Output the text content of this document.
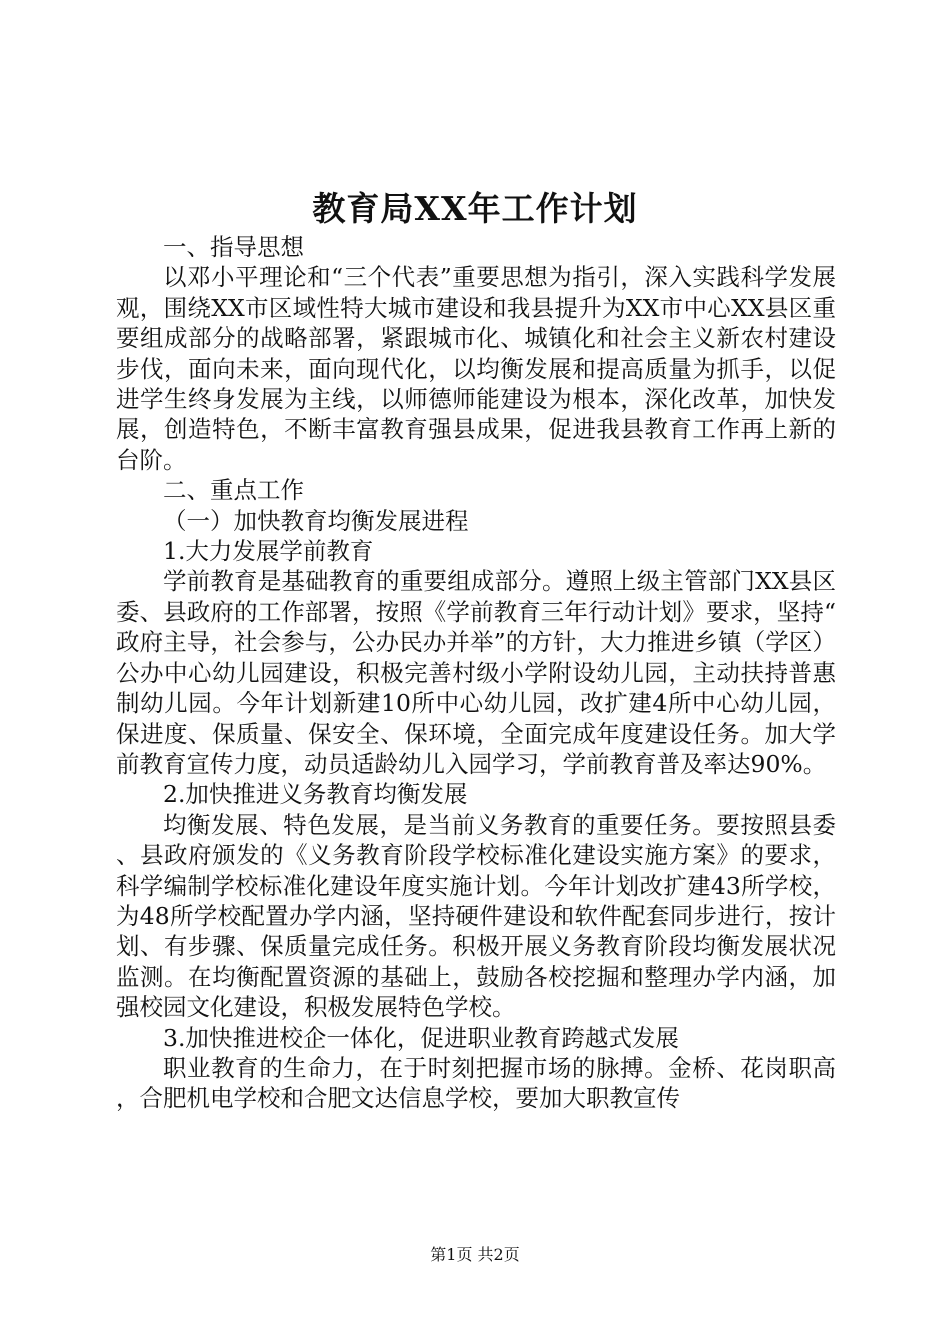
教育局XX年工作计划

一、指导思想

以邓小平理论和“三个代表”重要思想为指引，深入实践科学发展观，围绕XX市区域性特大城市建设和我县提升为XX市中心XX县区重要组成部分的战略部署，紧跟城市化、城镇化和社会主义新农村建设步伐，面向未来，面向现代化，以均衡发展和提高质量为抓手，以促进学生终身发展为主线，以师德师能建设为根本，深化改革，加快发展，创造特色，不断丰富教育强县成果，促进我县教育工作再上新的台阶。

二、重点工作

（一）加快教育均衡发展进程

1.大力发展学前教育

学前教育是基础教育的重要组成部分。遵照上级主管部门XX县区委、县政府的工作部署，按照《学前教育三年行动计划》要求，坚持“政府主导，社会参与，公办民办并举”的方针，大力推进乡镇（学区）公办中心幼儿园建设，积极完善村级小学附设幼儿园，主动扶持普惠制幼儿园。今年计划新建10所中心幼儿园，改扩建4所中心幼儿园，保进度、保质量、保安全、保环境，全面完成年度建设任务。加大学前教育宣传力度，动员适龄幼儿入园学习，学前教育普及率达90%。

2.加快推进义务教育均衡发展

均衡发展、特色发展，是当前义务教育的重要任务。要按照县委、县政府颁发的《义务教育阶段学校标准化建设实施方案》的要求，科学编制学校标准化建设年度实施计划。今年计划改扩建43所学校，为48所学校配置办学内涵，坚持硬件建设和软件配套同步进行，按计划、有步骤、保质量完成任务。积极开展义务教育阶段均衡发展状况监测。在均衡配置资源的基础上，鼓励各校挖掘和整理办学内涵，加强校园文化建设，积极发展特色学校。

3.加快推进校企一体化，促进职业教育跨越式发展

职业教育的生命力，在于时刻把握市场的脉搏。金桥、花岗职高，合肥机电学校和合肥文达信息学校，要加大职教宣传

第1页 共2页
